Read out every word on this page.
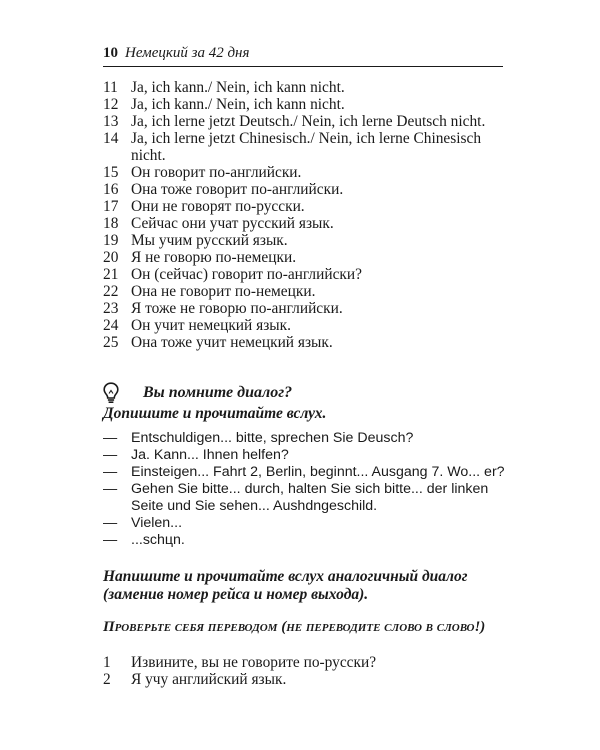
10 Немецкий за 42 дня
11 Ja, ich kann./ Nein, ich kann nicht.
12 Ja, ich kann./ Nein, ich kann nicht.
13 Ja, ich lerne jetzt Deutsch./ Nein, ich lerne Deutsch nicht.
14 Ja, ich lerne jetzt Chinesisch./ Nein, ich lerne Chinesisch nicht.
15 Он говорит по-английски.
16 Она тоже говорит по-английски.
17 Они не говорят по-русски.
18 Сейчас они учат русский язык.
19 Мы учим русский язык.
20 Я не говорю по-немецки.
21 Он (сейчас) говорит по-английски?
22 Она не говорит по-немецки.
23 Я тоже не говорю по-английски.
24 Он учит немецкий язык.
25 Она тоже учит немецкий язык.
Вы помните диалог?
Допишите и прочитайте вслух.
— Entschuldigen... bitte, sprechen Sie Deusch?
— Ja. Kann... Ihnen helfen?
— Einsteigen... Fahrt 2, Berlin, beginnt... Ausgang 7. Wo... er?
— Gehen Sie bitte... durch, halten Sie sich bitte... der linken Seite und Sie sehen... Aushdngeschild.
— Vielen...
— ...schцn.
Напишите и прочитайте вслух аналогичный диалог (заменив номер рейса и номер выхода).
Проверьте себя переводом (не переводите слово в слово!)
1	Извините, вы не говорите по-русски?
2	Я учу английский язык.
